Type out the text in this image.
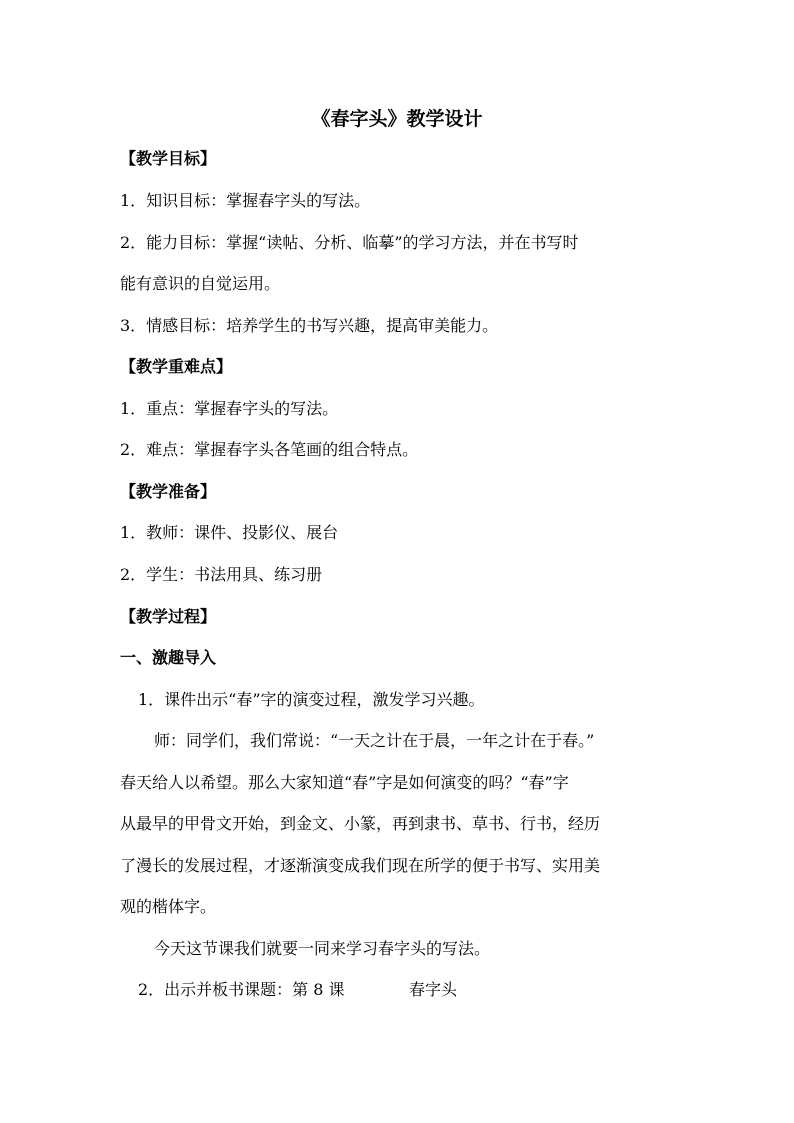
《春字头》教学设计
【教学目标】
1．知识目标：掌握春字头的写法。
2．能力目标：掌握“读帖、分析、临摹”的学习方法，并在书写时
能有意识的自觉运用。
3．情感目标：培养学生的书写兴趣，提高审美能力。
【教学重难点】
1．重点：掌握春字头的写法。
2．难点：掌握春字头各笔画的组合特点。
【教学准备】
1．教师：课件、投影仪、展台
2．学生：书法用具、练习册
【教学过程】
一、激趣导入
1．课件出示“春”字的演变过程，激发学习兴趣。
师：同学们，我们常说：“一天之计在于晨，一年之计在于春。”
春天给人以希望。那么大家知道“春”字是如何演变的吗？“春”字
从最早的甲骨文开始，到金文、小篆，再到隶书、草书、行书，经历
了漫长的发展过程，才逐渐演变成我们现在所学的便于书写、实用美
观的楷体字。
今天这节课我们就要一同来学习春字头的写法。
2．出示并板书课题：第 8 课	春字头
